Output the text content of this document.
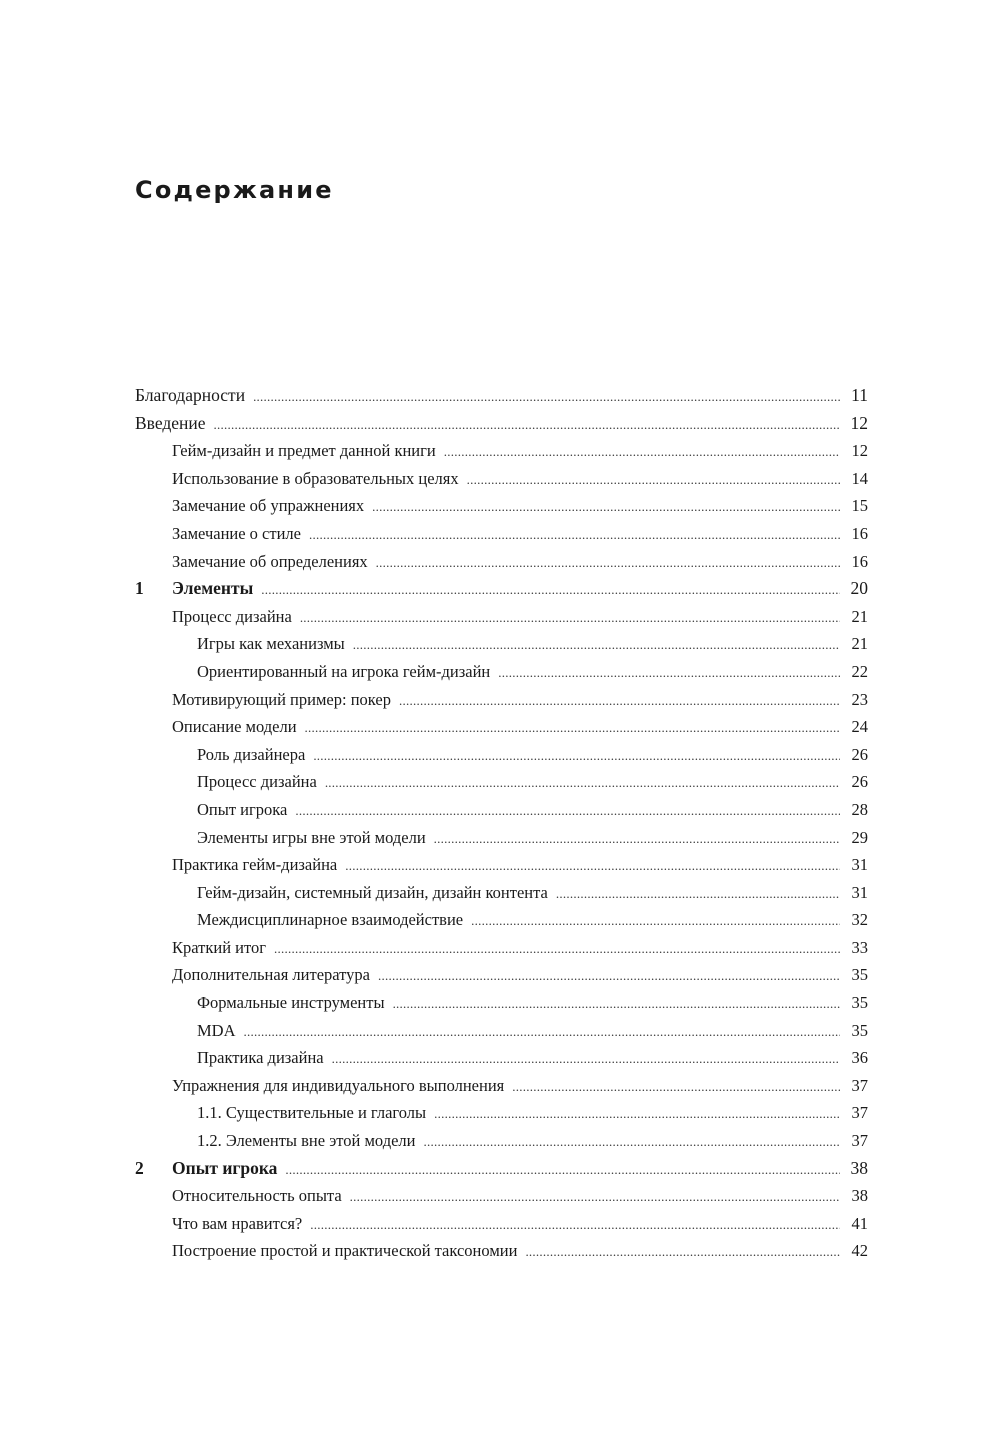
Содержание
Благодарности . . .	11
Введение . . .	12
Гейм-дизайн и предмет данной книги . . .	12
Использование в образовательных целях . . .	14
Замечание об упражнениях . . .	15
Замечание о стиле . . .	16
Замечание об определениях . . .	16
1	Элементы . . .	20
Процесс дизайна . . .	21
Игры как механизмы . . .	21
Ориентированный на игрока гейм-дизайн . . .	22
Мотивирующий пример: покер . . .	23
Описание модели . . .	24
Роль дизайнера . . .	26
Процесс дизайна . . .	26
Опыт игрока . . .	28
Элементы игры вне этой модели . . .	29
Практика гейм-дизайна . . .	31
Гейм-дизайн, системный дизайн, дизайн контента . . .	31
Междисциплинарное взаимодействие . . .	32
Краткий итог . . .	33
Дополнительная литература . . .	35
Формальные инструменты . . .	35
MDA . . .	35
Практика дизайна . . .	36
Упражнения для индивидуального выполнения . . .	37
1.1. Существительные и глаголы . . .	37
1.2. Элементы вне этой модели . . .	37
2	Опыт игрока . . .	38
Относительность опыта . . .	38
Что вам нравится? . . .	41
Построение простой и практической таксономии . . .	42
